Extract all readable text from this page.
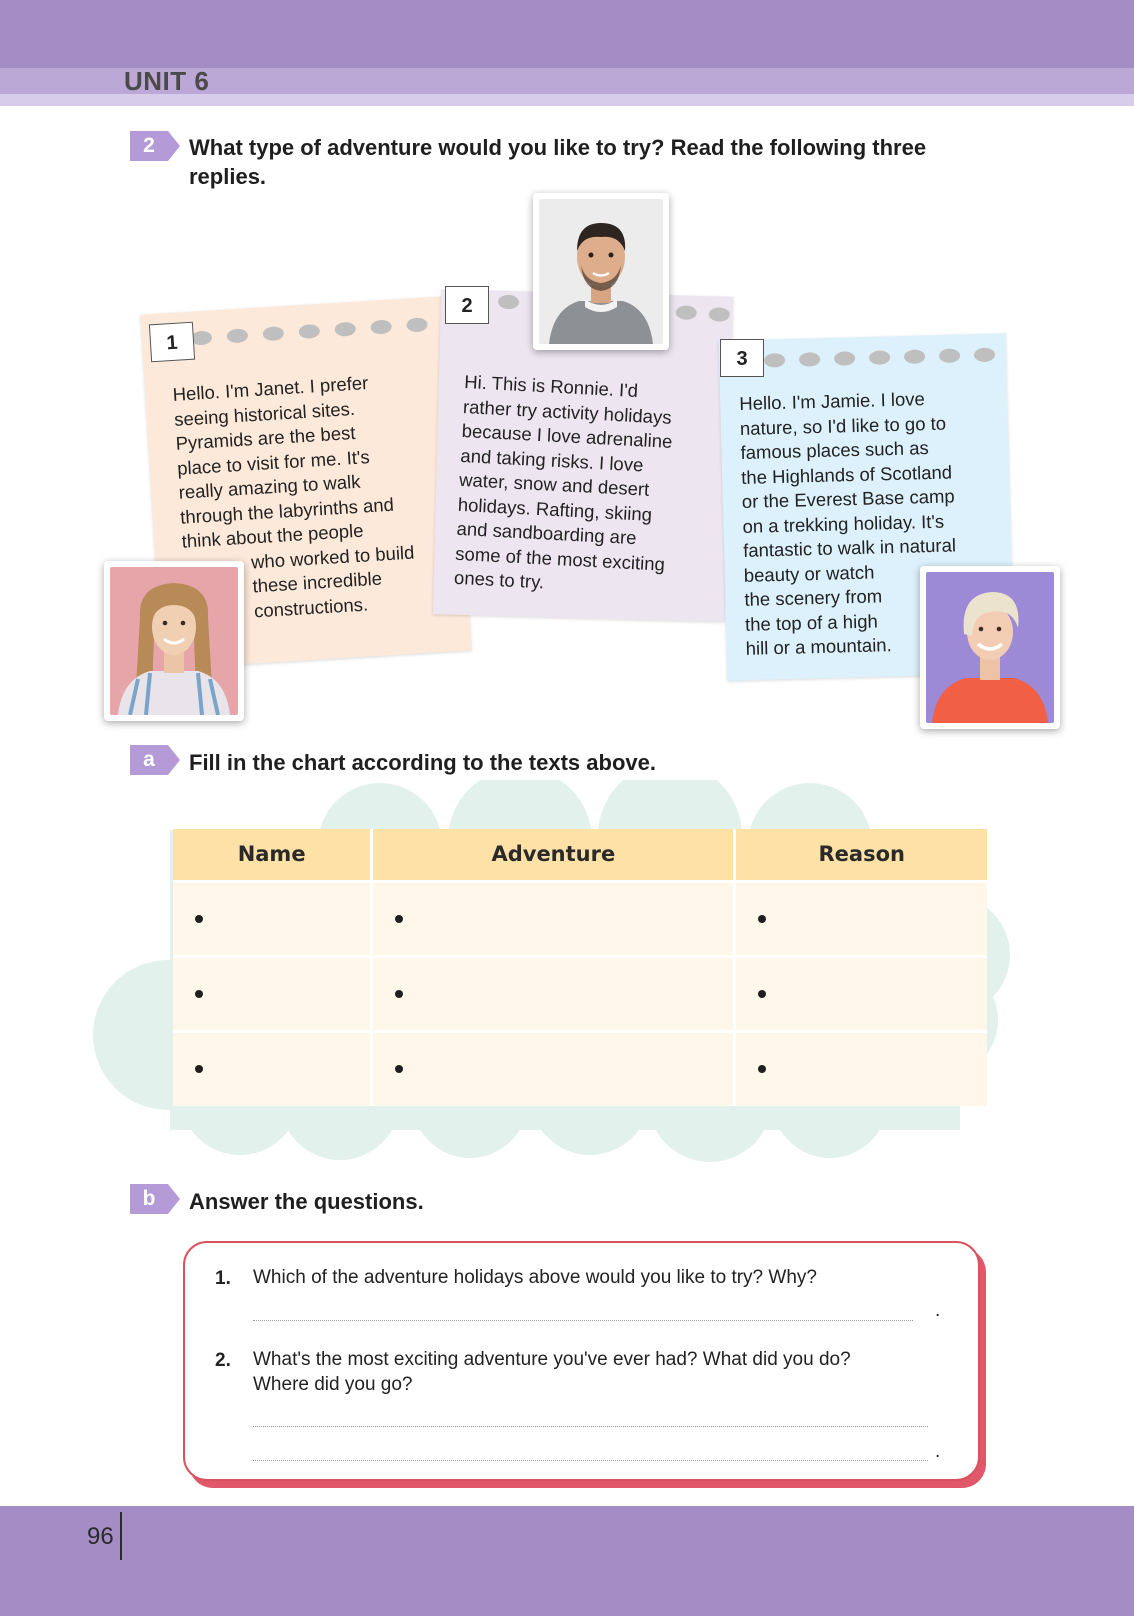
UNIT 6
2	What type of adventure would you like to try? Read the following three replies.
1
Hello. I'm Janet. I prefer
seeing historical sites.
Pyramids are the best
place to visit for me. It's
really amazing to walk
through the labyrinths and
think about the people
who worked to build
these incredible
constructions.
2
Hi. This is Ronnie. I'd
rather try activity holidays
because I love adrenaline
and taking risks. I love
water, snow and desert
holidays. Rafting, skiing
and sandboarding are
some of the most exciting
ones to try.
3
Hello. I'm Jamie. I love
nature, so I'd like to go to
famous places such as
the Highlands of Scotland
or the Everest Base camp
on a trekking holiday. It's
fantastic to walk in natural
beauty or watch
the scenery from
the top of a high
hill or a mountain.
a	Fill in the chart according to the texts above.
Name	Adventure	Reason

b	Answer the questions.
1. Which of the adventure holidays above would you like to try? Why?
.
2. What's the most exciting adventure you've ever had? What did you do?
Where did you go?
.
96
